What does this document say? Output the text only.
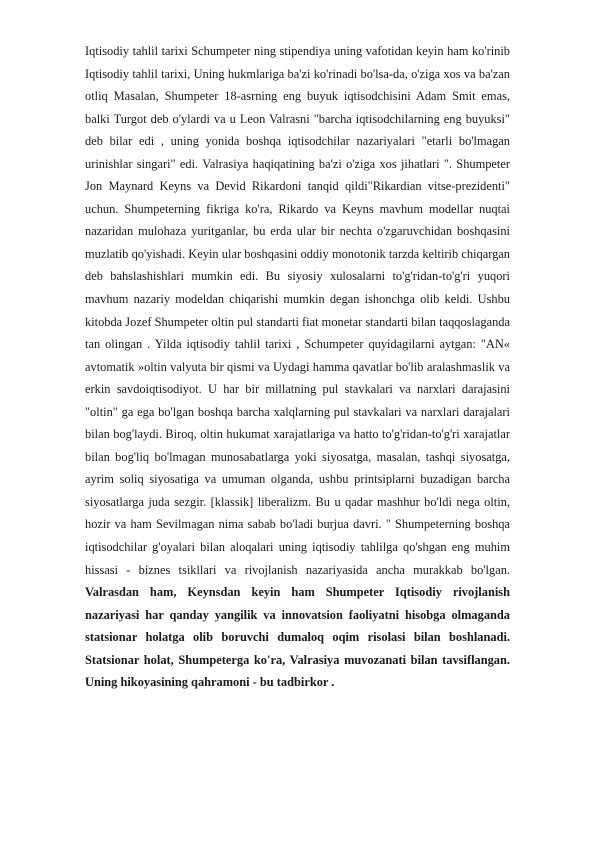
Iqtisodiy tahlil tarixi Schumpeter ning stipendiya uning vafotidan keyin ham ko'rinib Iqtisodiy tahlil tarixi, Uning hukmlariga ba'zi ko'rinadi bo'lsa-da, o'ziga xos va ba'zan otliq Masalan, Shumpeter 18-asrning eng buyuk iqtisodchisini Adam Smit emas, balki Turgot deb o'ylardi va u Leon Valrasni "barcha iqtisodchilarning eng buyuksi" deb bilar edi , uning yonida boshqa iqtisodchilar nazariyalari "etarli bo'lmagan urinishlar singari" edi. Valrasiya haqiqatining ba'zi o'ziga xos jihatlari ". Shumpeter Jon Maynard Keyns va Devid Rikardoni tanqid qildi"Rikardian vitse-prezidenti" uchun. Shumpeterning fikriga ko'ra, Rikardo va Keyns mavhum modellar nuqtai nazaridan mulohaza yuritganlar, bu erda ular bir nechta o'zgaruvchidan boshqasini muzlatib qo'yishadi. Keyin ular boshqasini oddiy monotonik tarzda keltirib chiqargan deb bahslashishlari mumkin edi. Bu siyosiy xulosalarni to'g'ridan-to'g'ri yuqori mavhum nazariy modeldan chiqarishi mumkin degan ishonchga olib keldi. Ushbu kitobda Jozef Shumpeter oltin pul standarti fiat monetar standarti bilan taqqoslaganda tan olingan . Yilda iqtisodiy tahlil tarixi , Schumpeter quyidagilarni aytgan: "AN« avtomatik »oltin valyuta bir qismi va Uydagi hamma qavatlar bo'lib aralashmaslik va erkin savdoiqtisodiyot. U har bir millatning pul stavkalari va narxlari darajasini "oltin" ga ega bo'lgan boshqa barcha xalqlarning pul stavkalari va narxlari darajalari bilan bog'laydi. Biroq, oltin hukumat xarajatlariga va hatto to'g'ridan-to'g'ri xarajatlar bilan bog'liq bo'lmagan munosabatlarga yoki siyosatga, masalan, tashqi siyosatga, ayrim soliq siyosatiga va umuman olganda, ushbu printsiplarni buzadigan barcha siyosatlarga juda sezgir. [klassik] liberalizm. Bu u qadar mashhur bo'ldi nega oltin, hozir va ham Sevilmagan nima sabab bo'ladi burjua davri. " Shumpeterning boshqa iqtisodchilar g'oyalari bilan aloqalari uning iqtisodiy tahlilga qo'shgan eng muhim hissasi - biznes tsikllari va rivojlanish nazariyasida ancha murakkab bo'lgan. Valrasdan ham, Keynsdan keyin ham Shumpeter Iqtisodiy rivojlanish nazariyasi har qanday yangilik va innovatsion faoliyatni hisobga olmaganda statsionar holatga olib boruvchi dumaloq oqim risolasi bilan boshlanadi. Statsionar holat, Shumpeterga ko'ra, Valrasiya muvozanati bilan tavsiflangan. Uning hikoyasining qahramoni - bu tadbirkor .
